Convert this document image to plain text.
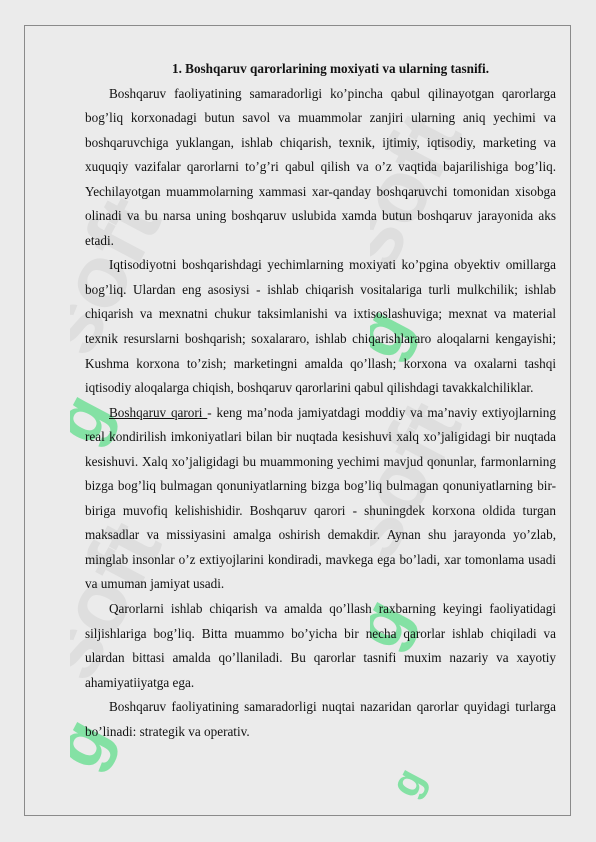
soft
g
soft
g
soft
g
soft
g
g

1. Boshqaruv qarorlarining moxiyati va ularning tasnifi.

Boshqaruv faoliyatining samaradorligi ko’pincha qabul qilinayotgan qarorlarga bog’liq korxonadagi butun savol va muammolar zanjiri ularning aniq yechimi va boshqaruvchiga yuklangan, ishlab chiqarish, texnik, ijtimiy, iqtisodiy, marketing va xuquqiy vazifalar qarorlarni to’g’ri qabul qilish va o’z vaqtida bajarilishiga bog’liq. Yechilayotgan muammolarning xammasi xar-qanday boshqaruvchi tomonidan xisobga olinadi va bu narsa uning boshqaruv uslubida xamda butun boshqaruv jarayonida aks etadi.

Iqtisodiyotni boshqarishdagi yechimlarning moxiyati ko’pgina obyektiv omillarga bog’liq. Ulardan eng asosiysi - ishlab chiqarish vositalariga turli mulkchilik; ishlab chiqarish va mexnatni chukur taksimlanishi va ixtisoslashuviga; mexnat va material texnik resurslarni boshqarish; soxalararo, ishlab chiqarishlararo aloqalarni kengayishi; Kushma korxona to’zish; marketingni amalda qo’llash; korxona va oxalarni tashqi iqtisodiy aloqalarga chiqish, boshqaruv qarorlarini qabul qilishdagi tavakkalchiliklar.

Boshqaruv qarori - keng ma’noda jamiyatdagi moddiy va ma’naviy extiyojlarning real kondirilish imkoniyatlari bilan bir nuqtada kesishuvi xalq xo’jaligidagi bir nuqtada kesishuvi. Xalq xo’jaligidagi bu muammoning yechimi mavjud qonunlar, farmonlarning bizga bog’liq bulmagan qonuniyatlarning bizga bog’liq bulmagan qonuniyatlarning bir-biriga muvofiq kelishishidir. Boshqaruv qarori - shuningdek korxona oldida turgan maksadlar va missiyasini amalga oshirish demakdir. Aynan shu jarayonda yo’zlab, minglab insonlar o’z extiyojlarini kondiradi, mavkega ega bo’ladi, xar tomonlama usadi va umuman jamiyat usadi.

Qarorlarni ishlab chiqarish va amalda qo’llash raxbarning keyingi faoliyatidagi siljishlariga bog’liq. Bitta muammo bo’yicha bir necha qarorlar ishlab chiqiladi va ulardan bittasi amalda qo’llaniladi. Bu qarorlar tasnifi muxim nazariy va xayotiy ahamiyatiiyatga ega.

Boshqaruv faoliyatining samaradorligi nuqtai nazaridan qarorlar quyidagi turlarga bo’linadi: strategik va operativ.
